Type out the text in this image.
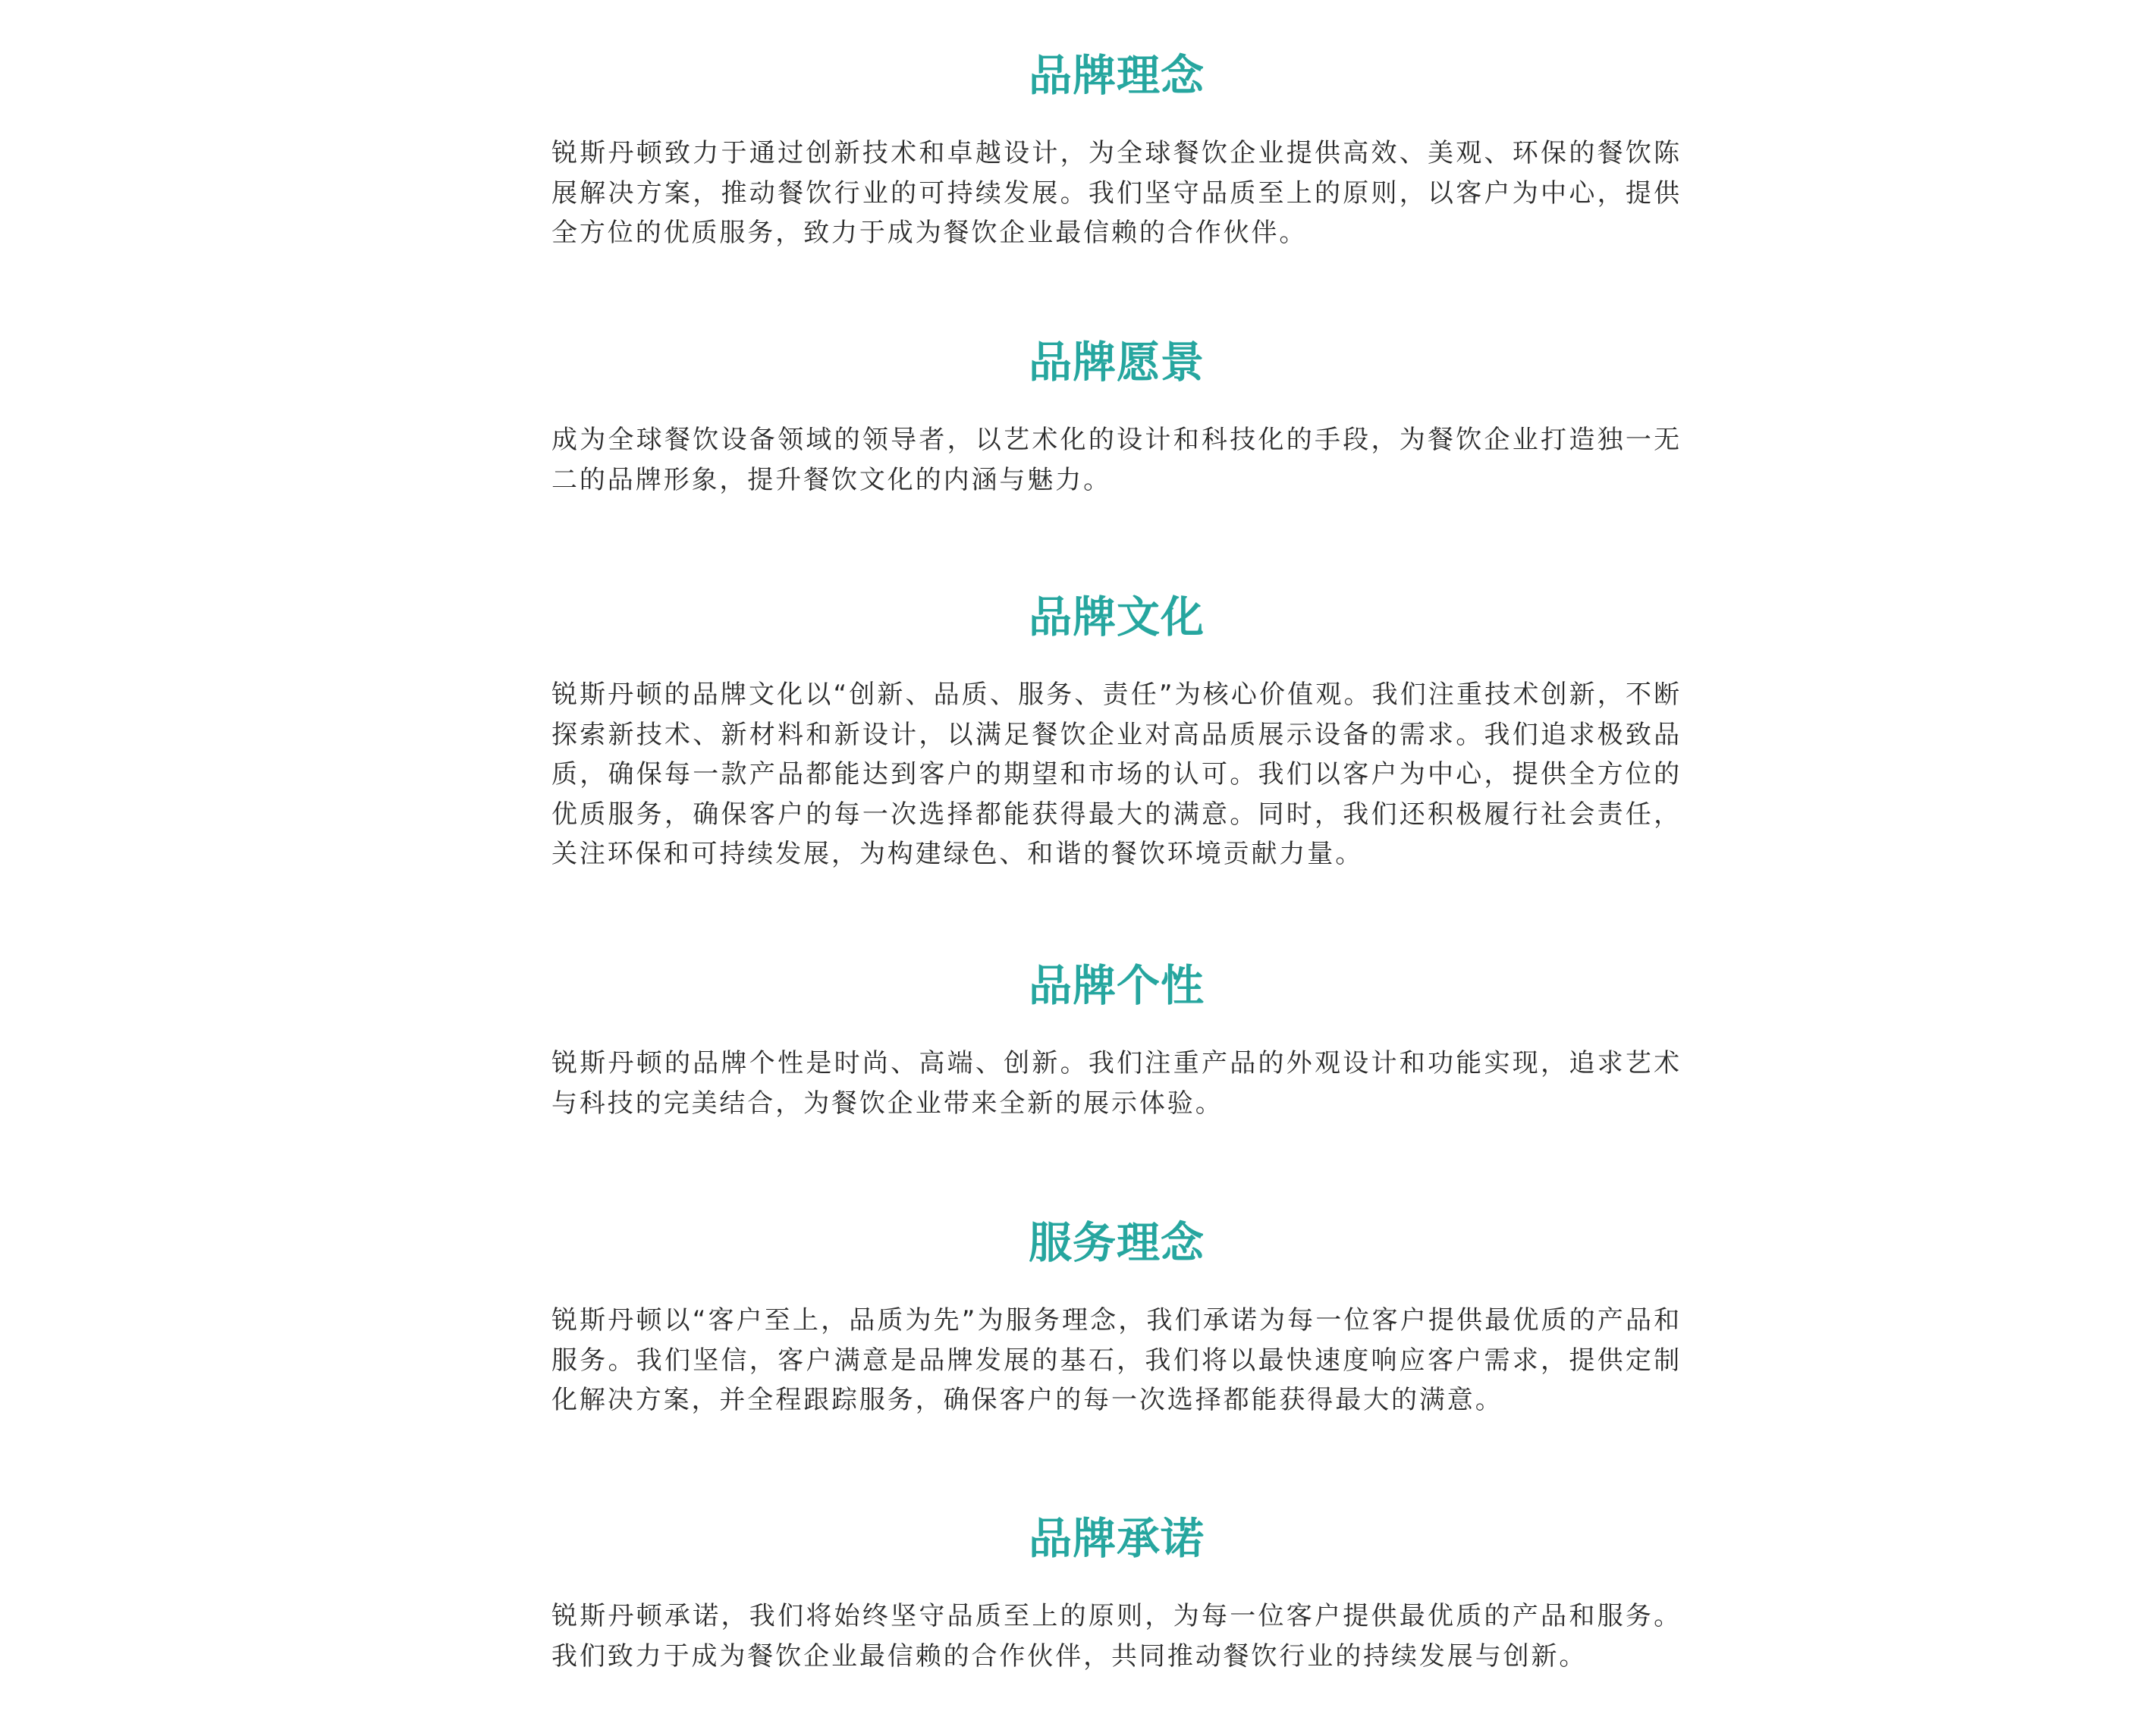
品牌理念

锐斯丹顿致力于通过创新技术和卓越设计，为全球餐饮企业提供高效、美观、环保的餐饮陈展解决方案，推动餐饮行业的可持续发展。我们坚守品质至上的原则，以客户为中心，提供全方位的优质服务，致力于成为餐饮企业最信赖的合作伙伴。

品牌愿景

成为全球餐饮设备领域的领导者，以艺术化的设计和科技化的手段，为餐饮企业打造独一无二的品牌形象，提升餐饮文化的内涵与魅力。

品牌文化

锐斯丹顿的品牌文化以“创新、品质、服务、责任”为核心价值观。我们注重技术创新，不断探索新技术、新材料和新设计，以满足餐饮企业对高品质展示设备的需求。我们追求极致品质，确保每一款产品都能达到客户的期望和市场的认可。我们以客户为中心，提供全方位的优质服务，确保客户的每一次选择都能获得最大的满意。同时，我们还积极履行社会责任，关注环保和可持续发展，为构建绿色、和谐的餐饮环境贡献力量。

品牌个性

锐斯丹顿的品牌个性是时尚、高端、创新。我们注重产品的外观设计和功能实现，追求艺术与科技的完美结合，为餐饮企业带来全新的展示体验。

服务理念

锐斯丹顿以“客户至上，品质为先”为服务理念，我们承诺为每一位客户提供最优质的产品和服务。我们坚信，客户满意是品牌发展的基石，我们将以最快速度响应客户需求，提供定制化解决方案，并全程跟踪服务，确保客户的每一次选择都能获得最大的满意。

品牌承诺

锐斯丹顿承诺，我们将始终坚守品质至上的原则，为每一位客户提供最优质的产品和服务。我们致力于成为餐饮企业最信赖的合作伙伴，共同推动餐饮行业的持续发展与创新。
